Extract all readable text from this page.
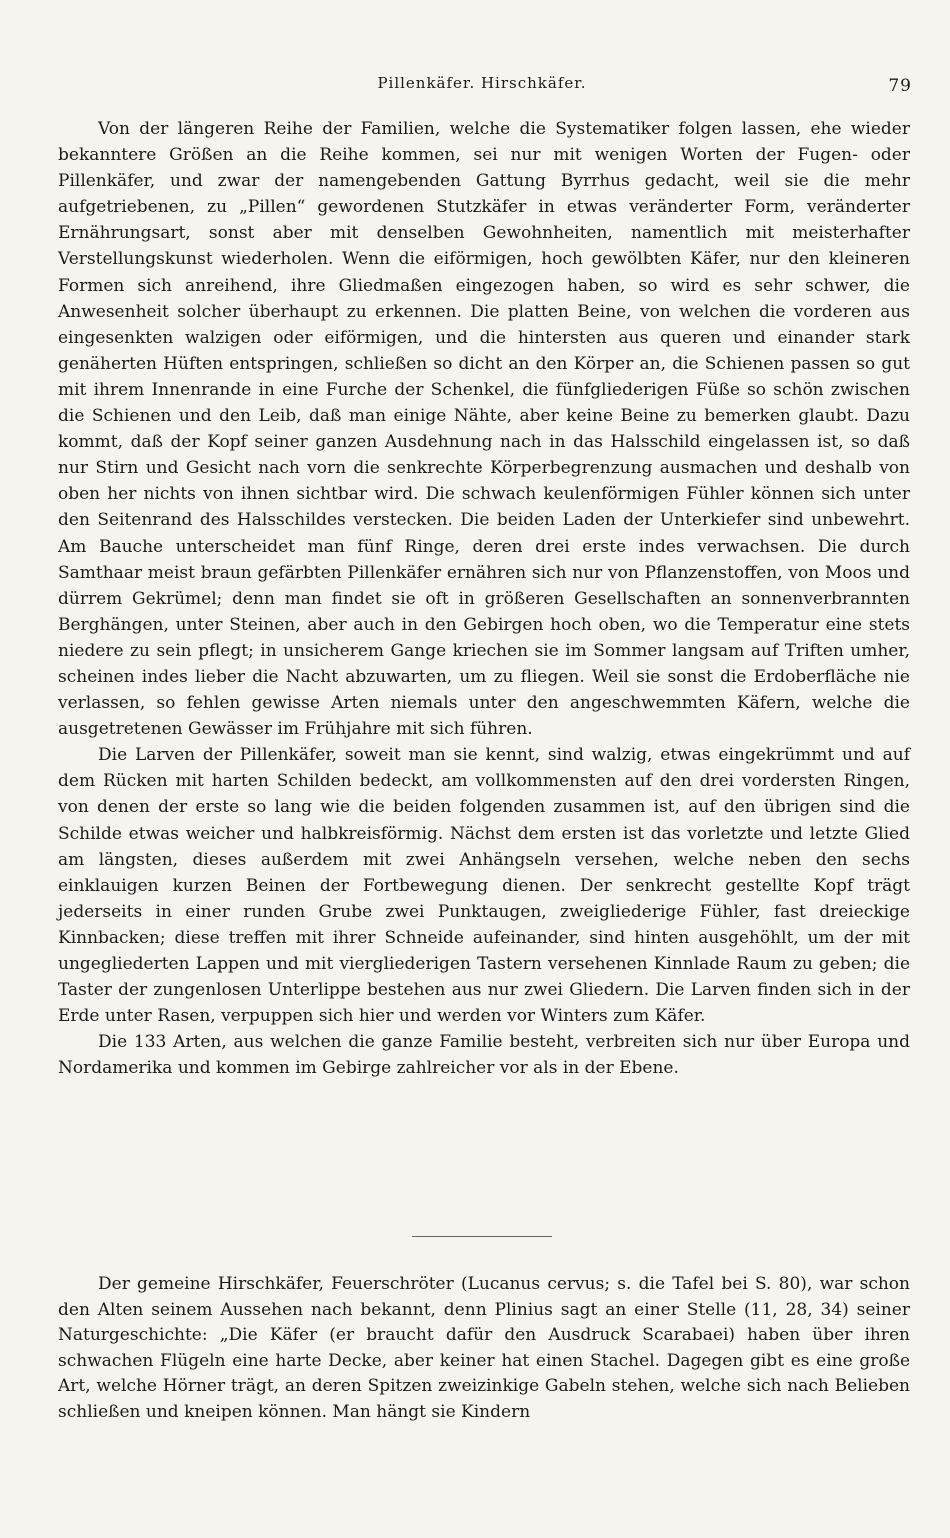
Pillenkäfer. Hirschkäfer.	79

Von der längeren Reihe der Familien, welche die Systematiker folgen lassen, ehe wieder bekanntere Größen an die Reihe kommen, sei nur mit wenigen Worten der Fugen- oder Pillenkäfer, und zwar der namengebenden Gattung Byrrhus gedacht, weil sie die mehr aufgetriebenen, zu „Pillen“ gewordenen Stutzkäfer in etwas veränderter Form, veränderter Ernährungsart, sonst aber mit denselben Gewohnheiten, namentlich mit meisterhafter Verstellungskunst wiederholen. Wenn die eiförmigen, hoch gewölbten Käfer, nur den kleineren Formen sich anreihend, ihre Gliedmaßen eingezogen haben, so wird es sehr schwer, die Anwesenheit solcher überhaupt zu erkennen. Die platten Beine, von welchen die vorderen aus eingesenkten walzigen oder eiförmigen, und die hintersten aus queren und einander stark genäherten Hüften entspringen, schließen so dicht an den Körper an, die Schienen passen so gut mit ihrem Innenrande in eine Furche der Schenkel, die fünfgliederigen Füße so schön zwischen die Schienen und den Leib, daß man einige Nähte, aber keine Beine zu bemerken glaubt. Dazu kommt, daß der Kopf seiner ganzen Ausdehnung nach in das Halsschild eingelassen ist, so daß nur Stirn und Gesicht nach vorn die senkrechte Körperbegrenzung ausmachen und deshalb von oben her nichts von ihnen sichtbar wird. Die schwach keulenförmigen Fühler können sich unter den Seitenrand des Halsschildes verstecken. Die beiden Laden der Unterkiefer sind unbewehrt. Am Bauche unterscheidet man fünf Ringe, deren drei erste indes verwachsen. Die durch Samthaar meist braun gefärbten Pillenkäfer ernähren sich nur von Pflanzenstoffen, von Moos und dürrem Gekrümel; denn man findet sie oft in größeren Gesellschaften an sonnenverbrannten Berghängen, unter Steinen, aber auch in den Gebirgen hoch oben, wo die Temperatur eine stets niedere zu sein pflegt; in unsicherem Gange kriechen sie im Sommer langsam auf Triften umher, scheinen indes lieber die Nacht abzuwarten, um zu fliegen. Weil sie sonst die Erdoberfläche nie verlassen, so fehlen gewisse Arten niemals unter den angeschwemmten Käfern, welche die ausgetretenen Gewässer im Frühjahre mit sich führen.

Die Larven der Pillenkäfer, soweit man sie kennt, sind walzig, etwas eingekrümmt und auf dem Rücken mit harten Schilden bedeckt, am vollkommensten auf den drei vordersten Ringen, von denen der erste so lang wie die beiden folgenden zusammen ist, auf den übrigen sind die Schilde etwas weicher und halbkreisförmig. Nächst dem ersten ist das vorletzte und letzte Glied am längsten, dieses außerdem mit zwei Anhängseln versehen, welche neben den sechs einklauigen kurzen Beinen der Fortbewegung dienen. Der senkrecht gestellte Kopf trägt jederseits in einer runden Grube zwei Punktaugen, zweigliederige Fühler, fast dreieckige Kinnbacken; diese treffen mit ihrer Schneide aufeinander, sind hinten ausgehöhlt, um der mit ungegliederten Lappen und mit viergliederigen Tastern versehenen Kinnlade Raum zu geben; die Taster der zungenlosen Unterlippe bestehen aus nur zwei Gliedern. Die Larven finden sich in der Erde unter Rasen, verpuppen sich hier und werden vor Winters zum Käfer.

Die 133 Arten, aus welchen die ganze Familie besteht, verbreiten sich nur über Europa und Nordamerika und kommen im Gebirge zahlreicher vor als in der Ebene.

Der gemeine Hirschkäfer, Feuerschröter (Lucanus cervus; s. die Tafel bei S. 80), war schon den Alten seinem Aussehen nach bekannt, denn Plinius sagt an einer Stelle (11, 28, 34) seiner Naturgeschichte: „Die Käfer (er braucht dafür den Ausdruck Scarabaei) haben über ihren schwachen Flügeln eine harte Decke, aber keiner hat einen Stachel. Dagegen gibt es eine große Art, welche Hörner trägt, an deren Spitzen zweizinkige Gabeln stehen, welche sich nach Belieben schließen und kneipen können. Man hängt sie Kindern
